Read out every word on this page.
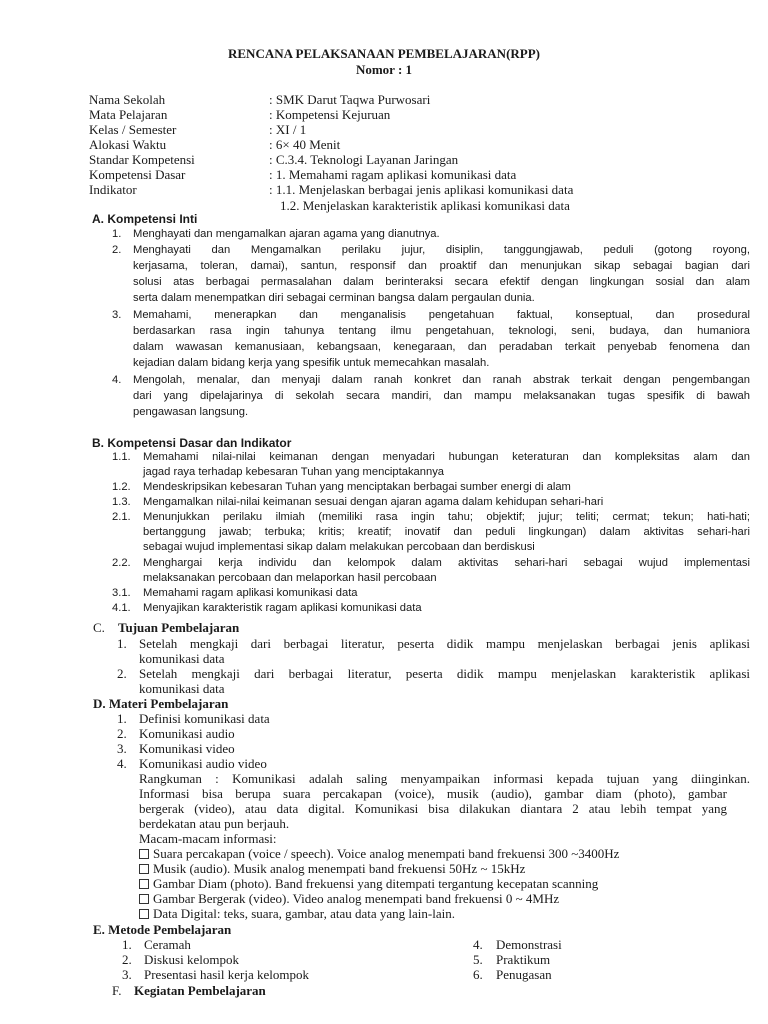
RENCANA PELAKSANAAN PEMBELAJARAN(RPP)
Nomor : 1
Nama Sekolah	: SMK Darut Taqwa Purwosari
Mata Pelajaran	: Kompetensi Kejuruan
Kelas / Semester	: XI / 1
Alokasi Waktu	: 6× 40 Menit
Standar Kompetensi	: C.3.4. Teknologi Layanan Jaringan
Kompetensi Dasar	: 1. Memahami ragam aplikasi komunikasi data
Indikator	: 1.1. Menjelaskan berbagai jenis aplikasi komunikasi data
1.2. Menjelaskan karakteristik aplikasi komunikasi data
A. Kompetensi Inti
1. Menghayati dan mengamalkan ajaran agama yang dianutnya.
2. Menghayati dan Mengamalkan perilaku jujur, disiplin, tanggungjawab, peduli (gotong royong,
kerjasama, toleran, damai), santun, responsif dan proaktif dan menunjukan sikap sebagai bagian dari
solusi atas berbagai permasalahan dalam berinteraksi secara efektif dengan lingkungan sosial dan alam
serta dalam menempatkan diri sebagai cerminan bangsa dalam pergaulan dunia.
3. Memahami, menerapkan dan menganalisis pengetahuan faktual, konseptual, dan prosedural
berdasarkan rasa ingin tahunya tentang ilmu pengetahuan, teknologi, seni, budaya, dan humaniora
dalam wawasan kemanusiaan, kebangsaan, kenegaraan, dan peradaban terkait penyebab fenomena dan
kejadian dalam bidang kerja yang spesifik untuk memecahkan masalah.
4. Mengolah, menalar, dan menyaji dalam ranah konkret dan ranah abstrak terkait dengan pengembangan
dari yang dipelajarinya di sekolah secara mandiri, dan mampu melaksanakan tugas spesifik di bawah
pengawasan langsung.
B. Kompetensi Dasar dan Indikator
1.1. Memahami nilai-nilai keimanan dengan menyadari hubungan keteraturan dan kompleksitas alam dan
jagad raya terhadap kebesaran Tuhan yang menciptakannya
1.2. Mendeskripsikan kebesaran Tuhan yang menciptakan berbagai sumber energi di alam
1.3. Mengamalkan nilai-nilai keimanan sesuai dengan ajaran agama dalam kehidupan sehari-hari
2.1. Menunjukkan perilaku ilmiah (memiliki rasa ingin tahu; objektif; jujur; teliti; cermat; tekun; hati-hati;
bertanggung jawab; terbuka; kritis; kreatif; inovatif dan peduli lingkungan) dalam aktivitas sehari-hari
sebagai wujud implementasi sikap dalam melakukan percobaan dan berdiskusi
2.2. Menghargai kerja individu dan kelompok dalam aktivitas sehari-hari sebagai wujud implementasi
melaksanakan percobaan dan melaporkan hasil percobaan
3.1. Memahami ragam aplikasi komunikasi data
4.1. Menyajikan karakteristik ragam aplikasi komunikasi data
C. Tujuan Pembelajaran
1. Setelah mengkaji dari berbagai literatur, peserta didik mampu menjelaskan berbagai jenis aplikasi
komunikasi data
2. Setelah mengkaji dari berbagai literatur, peserta didik mampu menjelaskan karakteristik aplikasi
komunikasi data
D. Materi Pembelajaran
1. Definisi komunikasi data
2. Komunikasi audio
3. Komunikasi video
4. Komunikasi audio video
Rangkuman : Komunikasi adalah saling menyampaikan informasi kepada tujuan yang diinginkan.
Informasi bisa berupa suara percakapan (voice), musik (audio), gambar diam (photo), gambar
bergerak (video), atau data digital. Komunikasi bisa dilakukan diantara 2 atau lebih tempat yang
berdekatan atau pun berjauh.
Macam-macam informasi:
Suara percakapan (voice / speech). Voice analog menempati band frekuensi 300 ~3400Hz
Musik (audio). Musik analog menempati band frekuensi 50Hz ~ 15kHz
Gambar Diam (photo). Band frekuensi yang ditempati tergantung kecepatan scanning
Gambar Bergerak (video). Video analog menempati band frekuensi 0 ~ 4MHz
Data Digital: teks, suara, gambar, atau data yang lain-lain.
E. Metode Pembelajaran
1. Ceramah
2. Diskusi kelompok
3. Presentasi hasil kerja kelompok
4. Demonstrasi
5. Praktikum
6. Penugasan
F. Kegiatan Pembelajaran
